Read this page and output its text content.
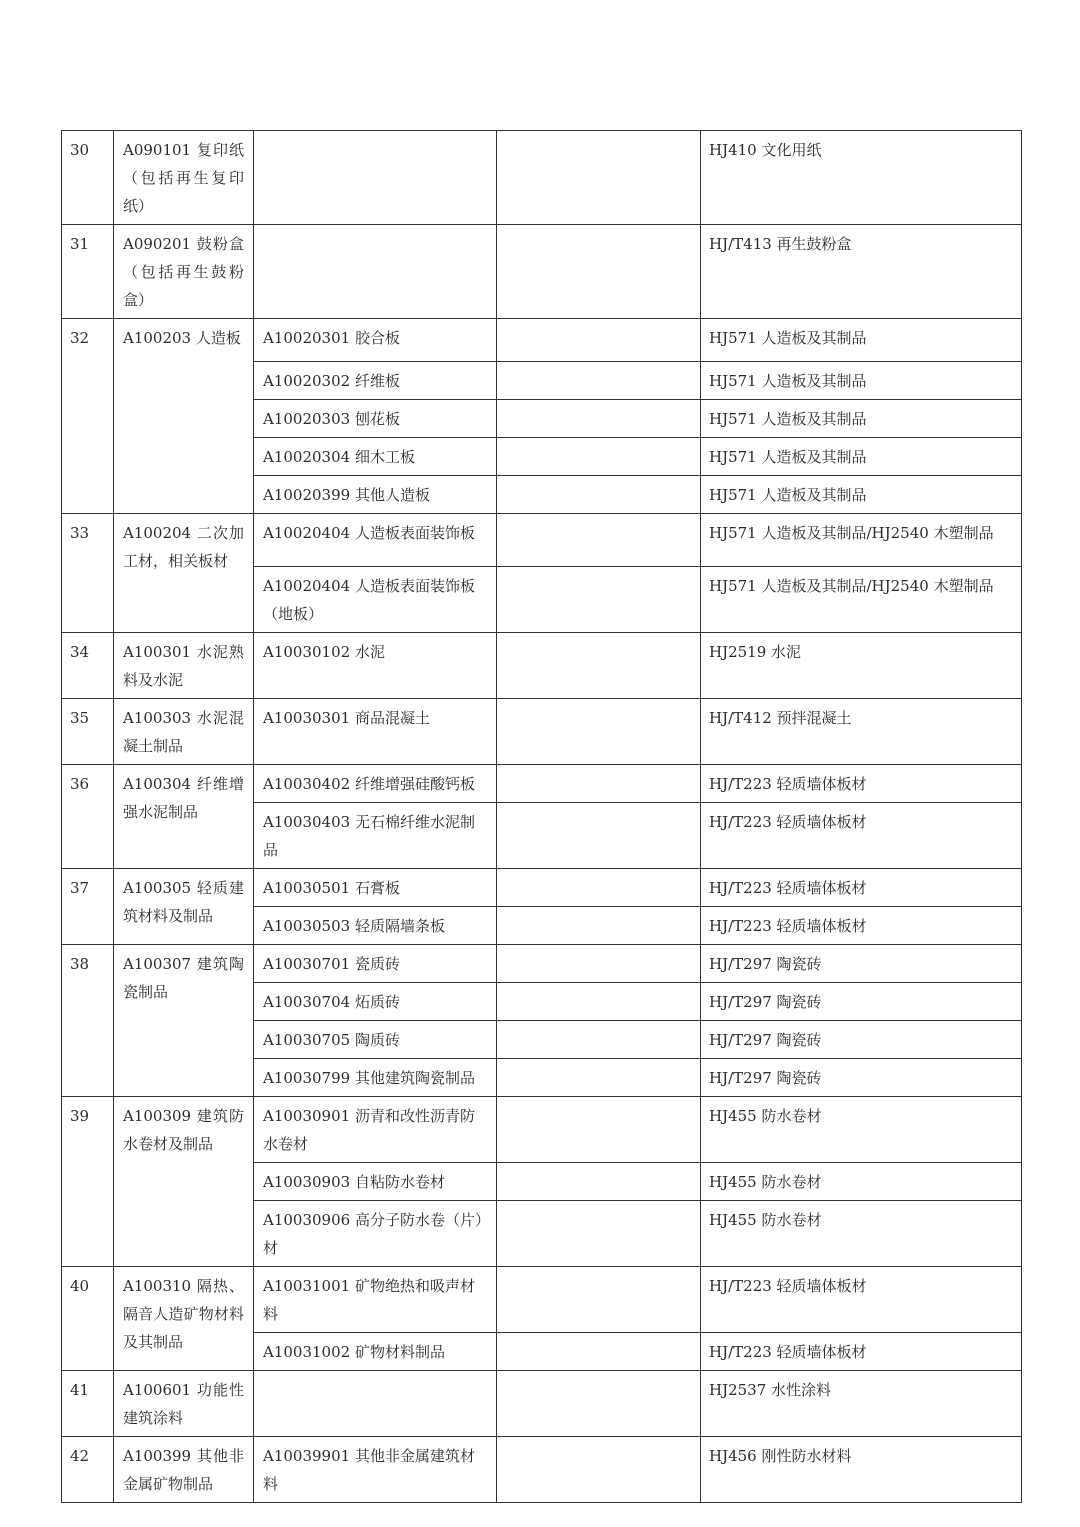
30	A090101 复印纸（包括再生复印纸）			HJ410 文化用纸
31	A090201 鼓粉盒（包括再生鼓粉盒）			HJ/T413 再生鼓粉盒
32	A100203 人造板	A10020301 胶合板		HJ571 人造板及其制品
		A10020302 纤维板		HJ571 人造板及其制品
		A10020303 刨花板		HJ571 人造板及其制品
		A10020304 细木工板		HJ571 人造板及其制品
		A10020399 其他人造板		HJ571 人造板及其制品
33	A100204 二次加工材，相关板材	A10020404 人造板表面装饰板		HJ571 人造板及其制品/HJ2540 木塑制品
		A10020404 人造板表面装饰板（地板）		HJ571 人造板及其制品/HJ2540 木塑制品
34	A100301 水泥熟料及水泥	A10030102 水泥		HJ2519 水泥
35	A100303 水泥混凝土制品	A10030301 商品混凝土		HJ/T412 预拌混凝土
36	A100304 纤维增强水泥制品	A10030402 纤维增强硅酸钙板		HJ/T223 轻质墙体板材
		A10030403 无石棉纤维水泥制品		HJ/T223 轻质墙体板材
37	A100305 轻质建筑材料及制品	A10030501 石膏板		HJ/T223 轻质墙体板材
		A10030503 轻质隔墙条板		HJ/T223 轻质墙体板材
38	A100307 建筑陶瓷制品	A10030701 瓷质砖		HJ/T297 陶瓷砖
		A10030704 炻质砖		HJ/T297 陶瓷砖
		A10030705 陶质砖		HJ/T297 陶瓷砖
		A10030799 其他建筑陶瓷制品		HJ/T297 陶瓷砖
39	A100309 建筑防水卷材及制品	A10030901 沥青和改性沥青防水卷材		HJ455 防水卷材
		A10030903 自粘防水卷材		HJ455 防水卷材
		A10030906 高分子防水卷（片）材		HJ455 防水卷材
40	A100310 隔热、隔音人造矿物材料及其制品	A10031001 矿物绝热和吸声材料		HJ/T223 轻质墙体板材
		A10031002 矿物材料制品		HJ/T223 轻质墙体板材
41	A100601 功能性建筑涂料			HJ2537 水性涂料
42	A100399 其他非金属矿物制品	A10039901 其他非金属建筑材料		HJ456 刚性防水材料
